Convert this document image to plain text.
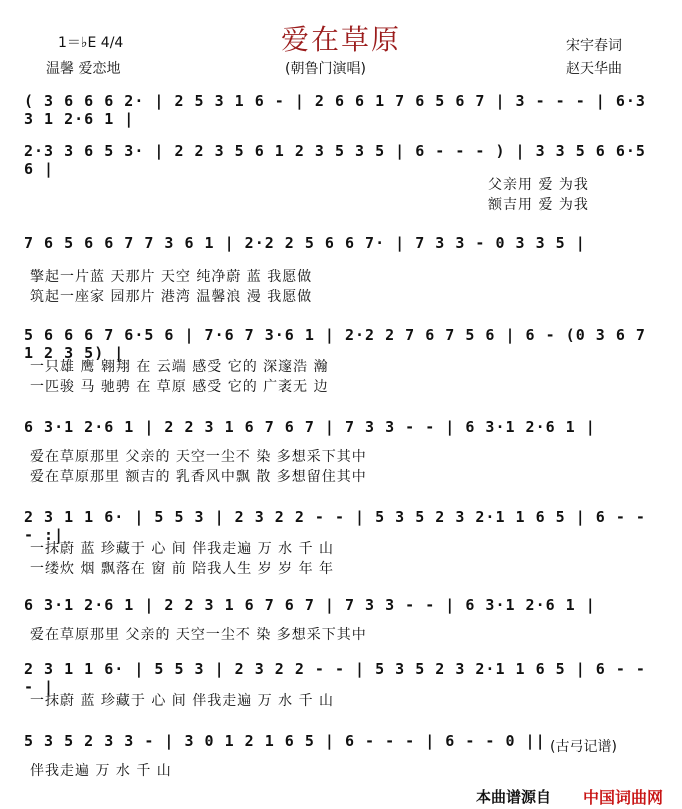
爱在草原
1＝♭E 4/4
温馨 爱恋地	(朝鲁门演唱)
宋宇春词
赵天华曲
( 3 6 6 6 2· | 2 5 3 1 6 - | 2 6 6 1 7 6 5 6 7 | 3 - - - | 6·3 3 1 2·6 1 |
2·3 3 6 5 3· | 2 2 3 5 6 1 2 3 5 3 5 | 6 - - - ) | 3 3 5 6 6·5 6 |
父亲用 爱 为我
额吉用 爱 为我
7 6 5 6 6 7 7 3 6 1 | 2·2 2 5 6 6 7· | 7 3 3 - 0 3 3 5 |
擎起一片蓝 天那片 天空 纯净蔚 蓝 我愿做
筑起一座家 园那片 港湾 温馨浪 漫 我愿做
5 6 6 6 7 6·5 6 | 7·6 7 3·6 1 | 2·2 2 7 6 7 5 6 | 6 - (0 3 6 7 1 2 3 5) |
一只雄 鹰 翱翔 在 云端 感受 它的 深邃浩 瀚
一匹骏 马 驰骋 在 草原 感受 它的 广袤无 边
6 3·1 2·6 1 | 2 2 3 1 6 7 6 7 | 7 3 3 - - | 6 3·1 2·6 1 |
爱在草原那里 父亲的 天空一尘不 染 多想采下其中
爱在草原那里 额吉的 乳香风中飘 散 多想留住其中
2 3 1 1 6· | 5 5 3 | 2 3 2 2 - - | 5 3 5 2 3 2·1 1 6 5 | 6 - - - :|
一抹蔚 蓝 珍藏于 心 间 伴我走遍 万 水 千 山
一缕炊 烟 飘落在 窗 前 陪我人生 岁 岁 年 年
6 3·1 2·6 1 | 2 2 3 1 6 7 6 7 | 7 3 3 - - | 6 3·1 2·6 1 |
爱在草原那里 父亲的 天空一尘不 染 多想采下其中
2 3 1 1 6· | 5 5 3 | 2 3 2 2 - - | 5 3 5 2 3 2·1 1 6 5 | 6 - - - |
一抹蔚 蓝 珍藏于 心 间 伴我走遍 万 水 千 山
5 3 5 2 3 3 - | 3 0 1 2 1 6 5 | 6 - - - | 6 - - 0 ||
伴我走遍 万 水 千 山
(古弓记谱)
本曲谱源自 中国词曲网
